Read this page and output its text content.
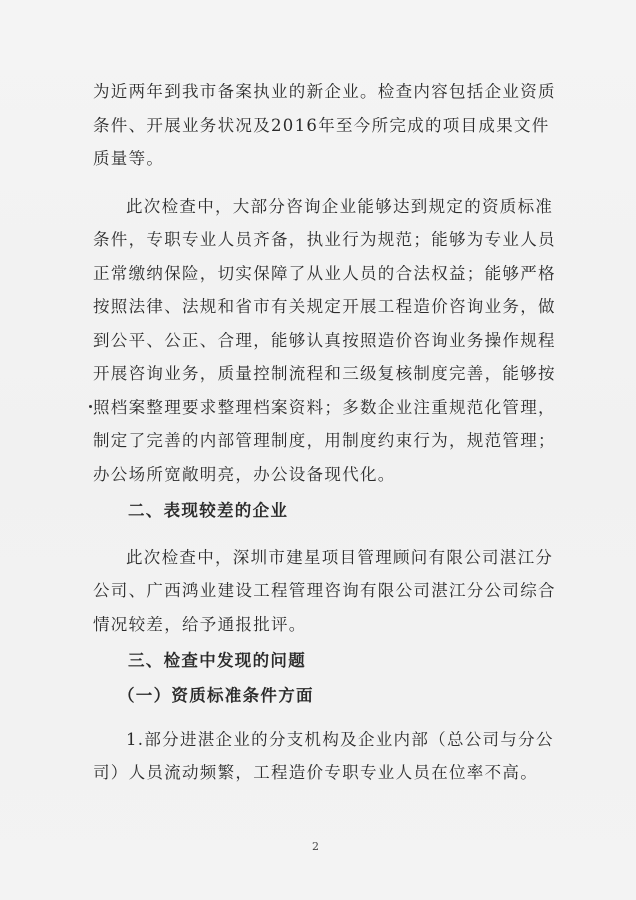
为近两年到我市备案执业的新企业。检查内容包括企业资质
条件、开展业务状况及2016年至今所完成的项目成果文件
质量等。
此次检查中，大部分咨询企业能够达到规定的资质标准
条件，专职专业人员齐备，执业行为规范；能够为专业人员
正常缴纳保险，切实保障了从业人员的合法权益；能够严格
按照法律、法规和省市有关规定开展工程造价咨询业务，做
到公平、公正、合理，能够认真按照造价咨询业务操作规程
开展咨询业务，质量控制流程和三级复核制度完善，能够按
照档案整理要求整理档案资料；多数企业注重规范化管理，
制定了完善的内部管理制度，用制度约束行为，规范管理；
办公场所宽敞明亮，办公设备现代化。
二、表现较差的企业
此次检查中，深圳市建星项目管理顾问有限公司湛江分
公司、广西鸿业建设工程管理咨询有限公司湛江分公司综合
情况较差，给予通报批评。
三、检查中发现的问题
（一）资质标准条件方面
1.部分进湛企业的分支机构及企业内部（总公司与分公
司）人员流动频繁，工程造价专职专业人员在位率不高。
2
